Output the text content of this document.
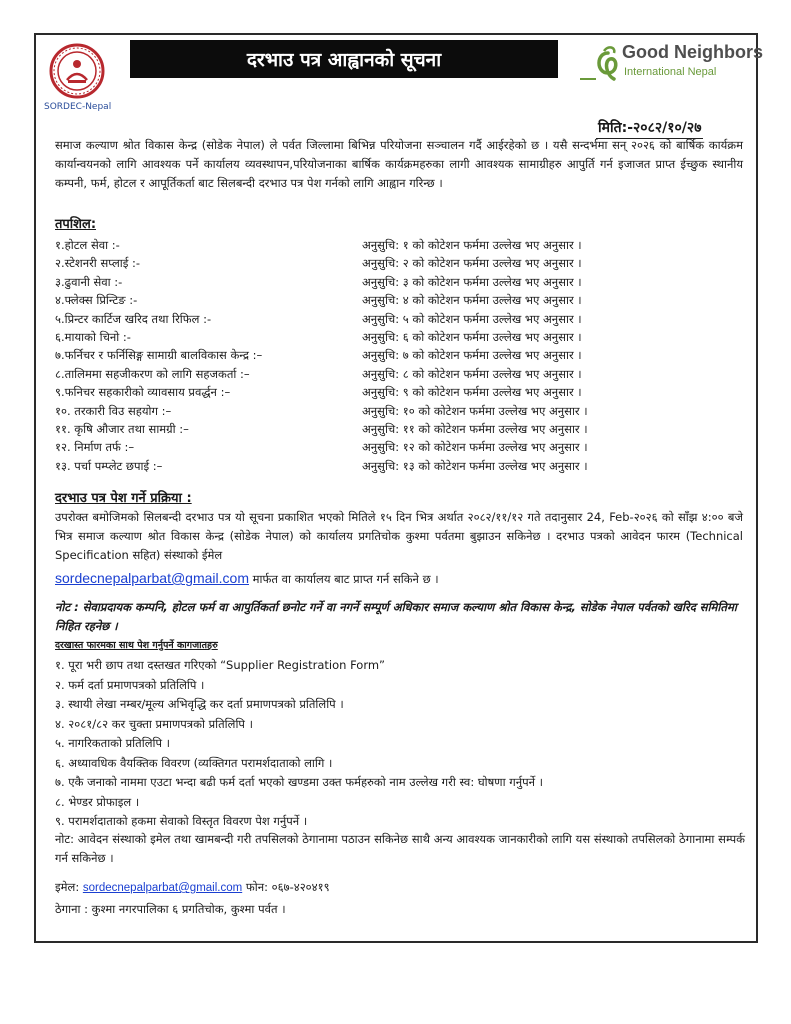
SORDEC-Nepal
दरभाउ पत्र आह्वानको सूचना	Good Neighbors
International Nepal
मिति:-२०८२/१०/२७
समाज कल्याण श्रोत विकास केन्द्र (सोडेक नेपाल) ले पर्वत जिल्लामा बिभिन्न परियोजना सञ्चालन गर्दै आईरहेको छ । यसै सन्दर्भमा सन् २०२६ को बार्षिक कार्यक्रम कार्यान्वयनको लागि आवश्यक पर्ने कार्यालय व्यवस्थापन,परियोजनाका बार्षिक कार्यक्रमहरुका लागी आवश्यक सामाग्रीहरु आपुर्ति गर्न इजाजत प्राप्त ईच्छुक स्थानीय कम्पनी, फर्म, होटल र आपूर्तिकर्ता बाट सिलबन्दी दरभाउ पत्र पेश गर्नको लागि आह्वान गरिन्छ ।
तपशिल:
१.होटल सेवा :-	अनुसुचि: १ को कोटेशन फर्ममा उल्लेख भए अनुसार ।
२.स्टेशनरी सप्लाई :-	अनुसुचि: २ को कोटेशन फर्ममा उल्लेख भए अनुसार ।
३.ढुवानी सेवा :-	अनुसुचि: ३ को कोटेशन फर्ममा उल्लेख भए अनुसार ।
४.फ्लेक्स प्रिन्टिङ :-	अनुसुचि: ४ को कोटेशन फर्ममा उल्लेख भए अनुसार ।
५.प्रिन्टर कार्टिज खरिद तथा रिफिल :-	अनुसुचि: ५ को कोटेशन फर्ममा उल्लेख भए अनुसार ।
६.मायाको चिनो :-	अनुसुचि: ६ को कोटेशन फर्ममा उल्लेख भए अनुसार ।
७.फर्निचर र फर्निसिङ्ग सामाग्री बालविकास केन्द्र :–	अनुसुचि: ७ को कोटेशन फर्ममा उल्लेख भए अनुसार ।
८.तालिममा सहजीकरण को लागि सहजकर्ता :–	अनुसुचि: ८ को कोटेशन फर्ममा उल्लेख भए अनुसार ।
९.फनिचर सहकारीको व्यावसाय प्रवर्द्धन :–	अनुसुचि: ९ को कोटेशन फर्ममा उल्लेख भए अनुसार ।
१०. तरकारी विउ सहयोग :–	अनुसुचि: १० को कोटेशन फर्ममा उल्लेख भए अनुसार ।
११. कृषि औजार तथा सामग्री :–	अनुसुचि: ११ को कोटेशन फर्ममा उल्लेख भए अनुसार ।
१२. निर्माण तर्फ :–	अनुसुचि: १२ को कोटेशन फर्ममा उल्लेख भए अनुसार ।
१३. पर्चा पम्प्लेट छपाई :–	अनुसुचि: १३ को कोटेशन फर्ममा उल्लेख भए अनुसार ।
दरभाउ पत्र पेश गर्ने प्रक्रिया :
उपरोक्त बमोजिमको सिलबन्दी दरभाउ पत्र यो सूचना प्रकाशित भएको मितिले १५ दिन भित्र अर्थात २०८२/११/१२ गते तदानुसार 24, Feb-२०२६ को साँझ ४:०० बजे भित्र समाज कल्याण श्रोत विकास केन्द्र (सोडेक नेपाल) को कार्यालय प्रगतिचोक कुश्मा पर्वतमा बुझाउन सकिनेछ । दरभाउ पत्रको आवेदन फारम (Technical Specification सहित) संस्थाको ईमेल
sordecnepalparbat@gmail.com मार्फत वा कार्यालय बाट प्राप्त गर्न सकिने छ ।
नोट : सेवाप्रदायक कम्पनि, होटल फर्म वा आपुर्तिकर्ता छनोट गर्ने वा नगर्ने सम्पूर्ण अधिकार समाज कल्याण श्रोत विकास केन्द्र, सोडेक नेपाल पर्वतको खरिद समितिमा निहित रहनेछ ।
दरखास्त फारमका साथ पेश गर्नुपर्ने कागजातहरु
१. पूरा भरी छाप तथा दस्तखत गरिएको “Supplier Registration Form”
२. फर्म दर्ता प्रमाणपत्रको प्रतिलिपि ।
३. स्थायी लेखा नम्बर/मूल्य अभिवृद्धि कर दर्ता प्रमाणपत्रको प्रतिलिपि ।
४. २०८१/८२ कर चुक्ता प्रमाणपत्रको प्रतिलिपि ।
५. नागरिकताको प्रतिलिपि ।
६. अध्यावधिक वैयक्तिक विवरण (व्यक्तिगत परामर्शदाताको लागि ।
७. एकै जनाको नाममा एउटा भन्दा बढी फर्म दर्ता भएको खण्डमा उक्त फर्महरुको नाम उल्लेख गरी स्व: घोषणा गर्नुपर्ने ।
८. भेण्डर प्रोफाइल ।
९. परामर्शदाताको हकमा सेवाको विस्तृत विवरण पेश गर्नुपर्ने ।
नोट: आवेदन संस्थाको इमेल तथा खामबन्दी गरी तपसिलको ठेगानामा पठाउन सकिनेछ साथै अन्य आवश्यक जानकारीको लागि यस संस्थाको तपसिलको ठेगानामा सम्पर्क गर्न सकिनेछ ।
इमेल: sordecnepalparbat@gmail.com फोन: ०६७-४२०४१९
ठेगाना : कुश्मा नगरपालिका ६ प्रगतिचोक, कुश्मा पर्वत ।
